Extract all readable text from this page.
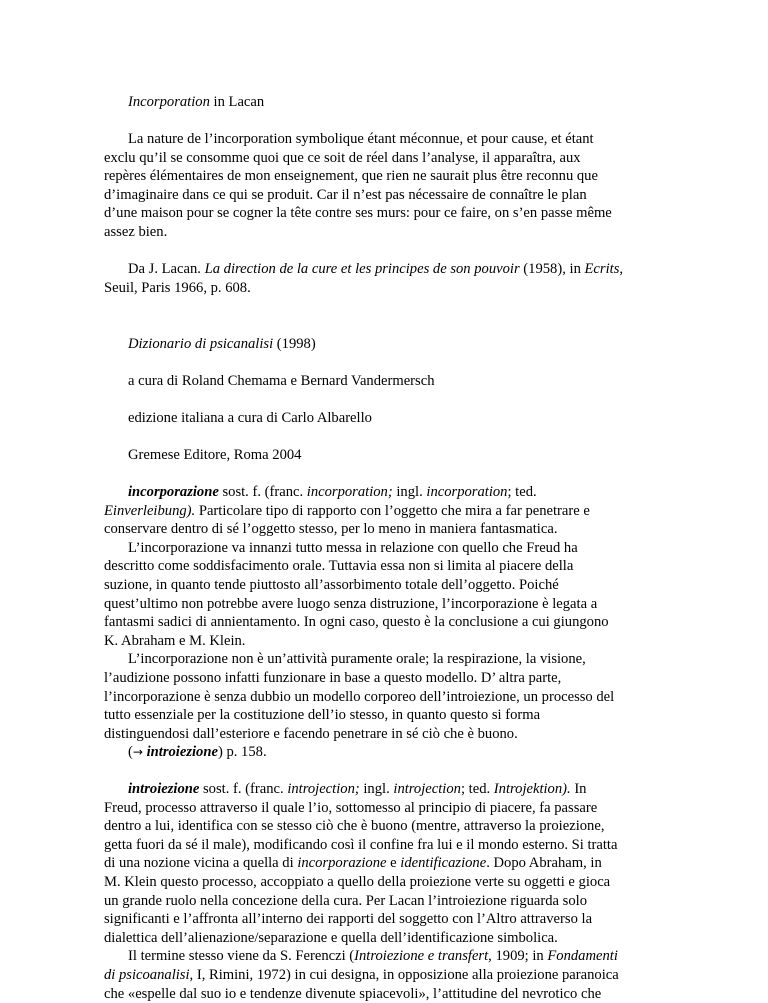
Incorporation in Lacan

La nature de l’incorporation symbolique étant méconnue, et pour cause, et étant
exclu qu’il se consomme quoi que ce soit de réel dans l’analyse, il apparaîtra, aux
repères élémentaires de mon enseignement, que rien ne saurait plus être reconnu que
d’imaginaire dans ce qui se produit. Car il n’est pas nécessaire de connaître le plan
d’une maison pour se cogner la tête contre ses murs: pour ce faire, on s’en passe même
assez bien.
Da J. Lacan. La direction de la cure et les principes de son pouvoir (1958), in Ecrits,
Seuil, Paris 1966, p. 608.

Dizionario di psicanalisi (1998)

a cura di Roland Chemama e Bernard Vandermersch

edizione italiana a cura di Carlo Albarello

Gremese Editore, Roma 2004

incorporazione sost. f. (franc. incorporation; ingl. incorporation; ted.
Einverleibung). Particolare tipo di rapporto con l’oggetto che mira a far penetrare e
conservare dentro di sé l’oggetto stesso, per lo meno in maniera fantasmatica.
L’incorporazione va innanzi tutto messa in relazione con quello che Freud ha
descritto come soddisfacimento orale. Tuttavia essa non si limita al piacere della
suzione, in quanto tende piuttosto all’assorbimento totale dell’oggetto. Poiché
quest’ultimo non potrebbe avere luogo senza distruzione, l’incorporazione è legata a
fantasmi sadici di annientamento. In ogni caso, questo è la conclusione a cui giungono
K. Abraham e M. Klein.
L’incorporazione non è un’attività puramente orale; la respirazione, la visione,
l’audizione possono infatti funzionare in base a questo modello. D’ altra parte,
l’incorporazione è senza dubbio un modello corporeo dell’introiezione, un processo del
tutto essenziale per la costituzione dell’io stesso, in quanto questo si forma
distinguendosi dall’esteriore e facendo penetrare in sé ciò che è buono.
(→ introiezione) p. 158.
introiezione sost. f. (franc. introjection; ingl. introjection; ted. Introjektion). In
Freud, processo attraverso il quale l’io, sottomesso al principio di piacere, fa passare
dentro a lui, identifica con se stesso ciò che è buono (mentre, attraverso la proiezione,
getta fuori da sé il male), modificando così il confine fra lui e il mondo esterno. Si tratta
di una nozione vicina a quella di incorporazione e identificazione. Dopo Abraham, in
M. Klein questo processo, accoppiato a quello della proiezione verte su oggetti e gioca
un grande ruolo nella concezione della cura. Per Lacan l’introiezione riguarda solo
significanti e l’affronta all’interno dei rapporti del soggetto con l’Altro attraverso la
dialettica dell’alienazione/separazione e quella dell’identificazione simbolica.
Il termine stesso viene da S. Ferenczi (Introiezione e transfert, 1909; in Fondamenti
di psicoanalisi, I, Rimini, 1972) in cui designa, in opposizione alla proiezione paranoica
che «espelle dal suo io e tendenze divenute spiacevoli», l’attitudine del nevrotico che
